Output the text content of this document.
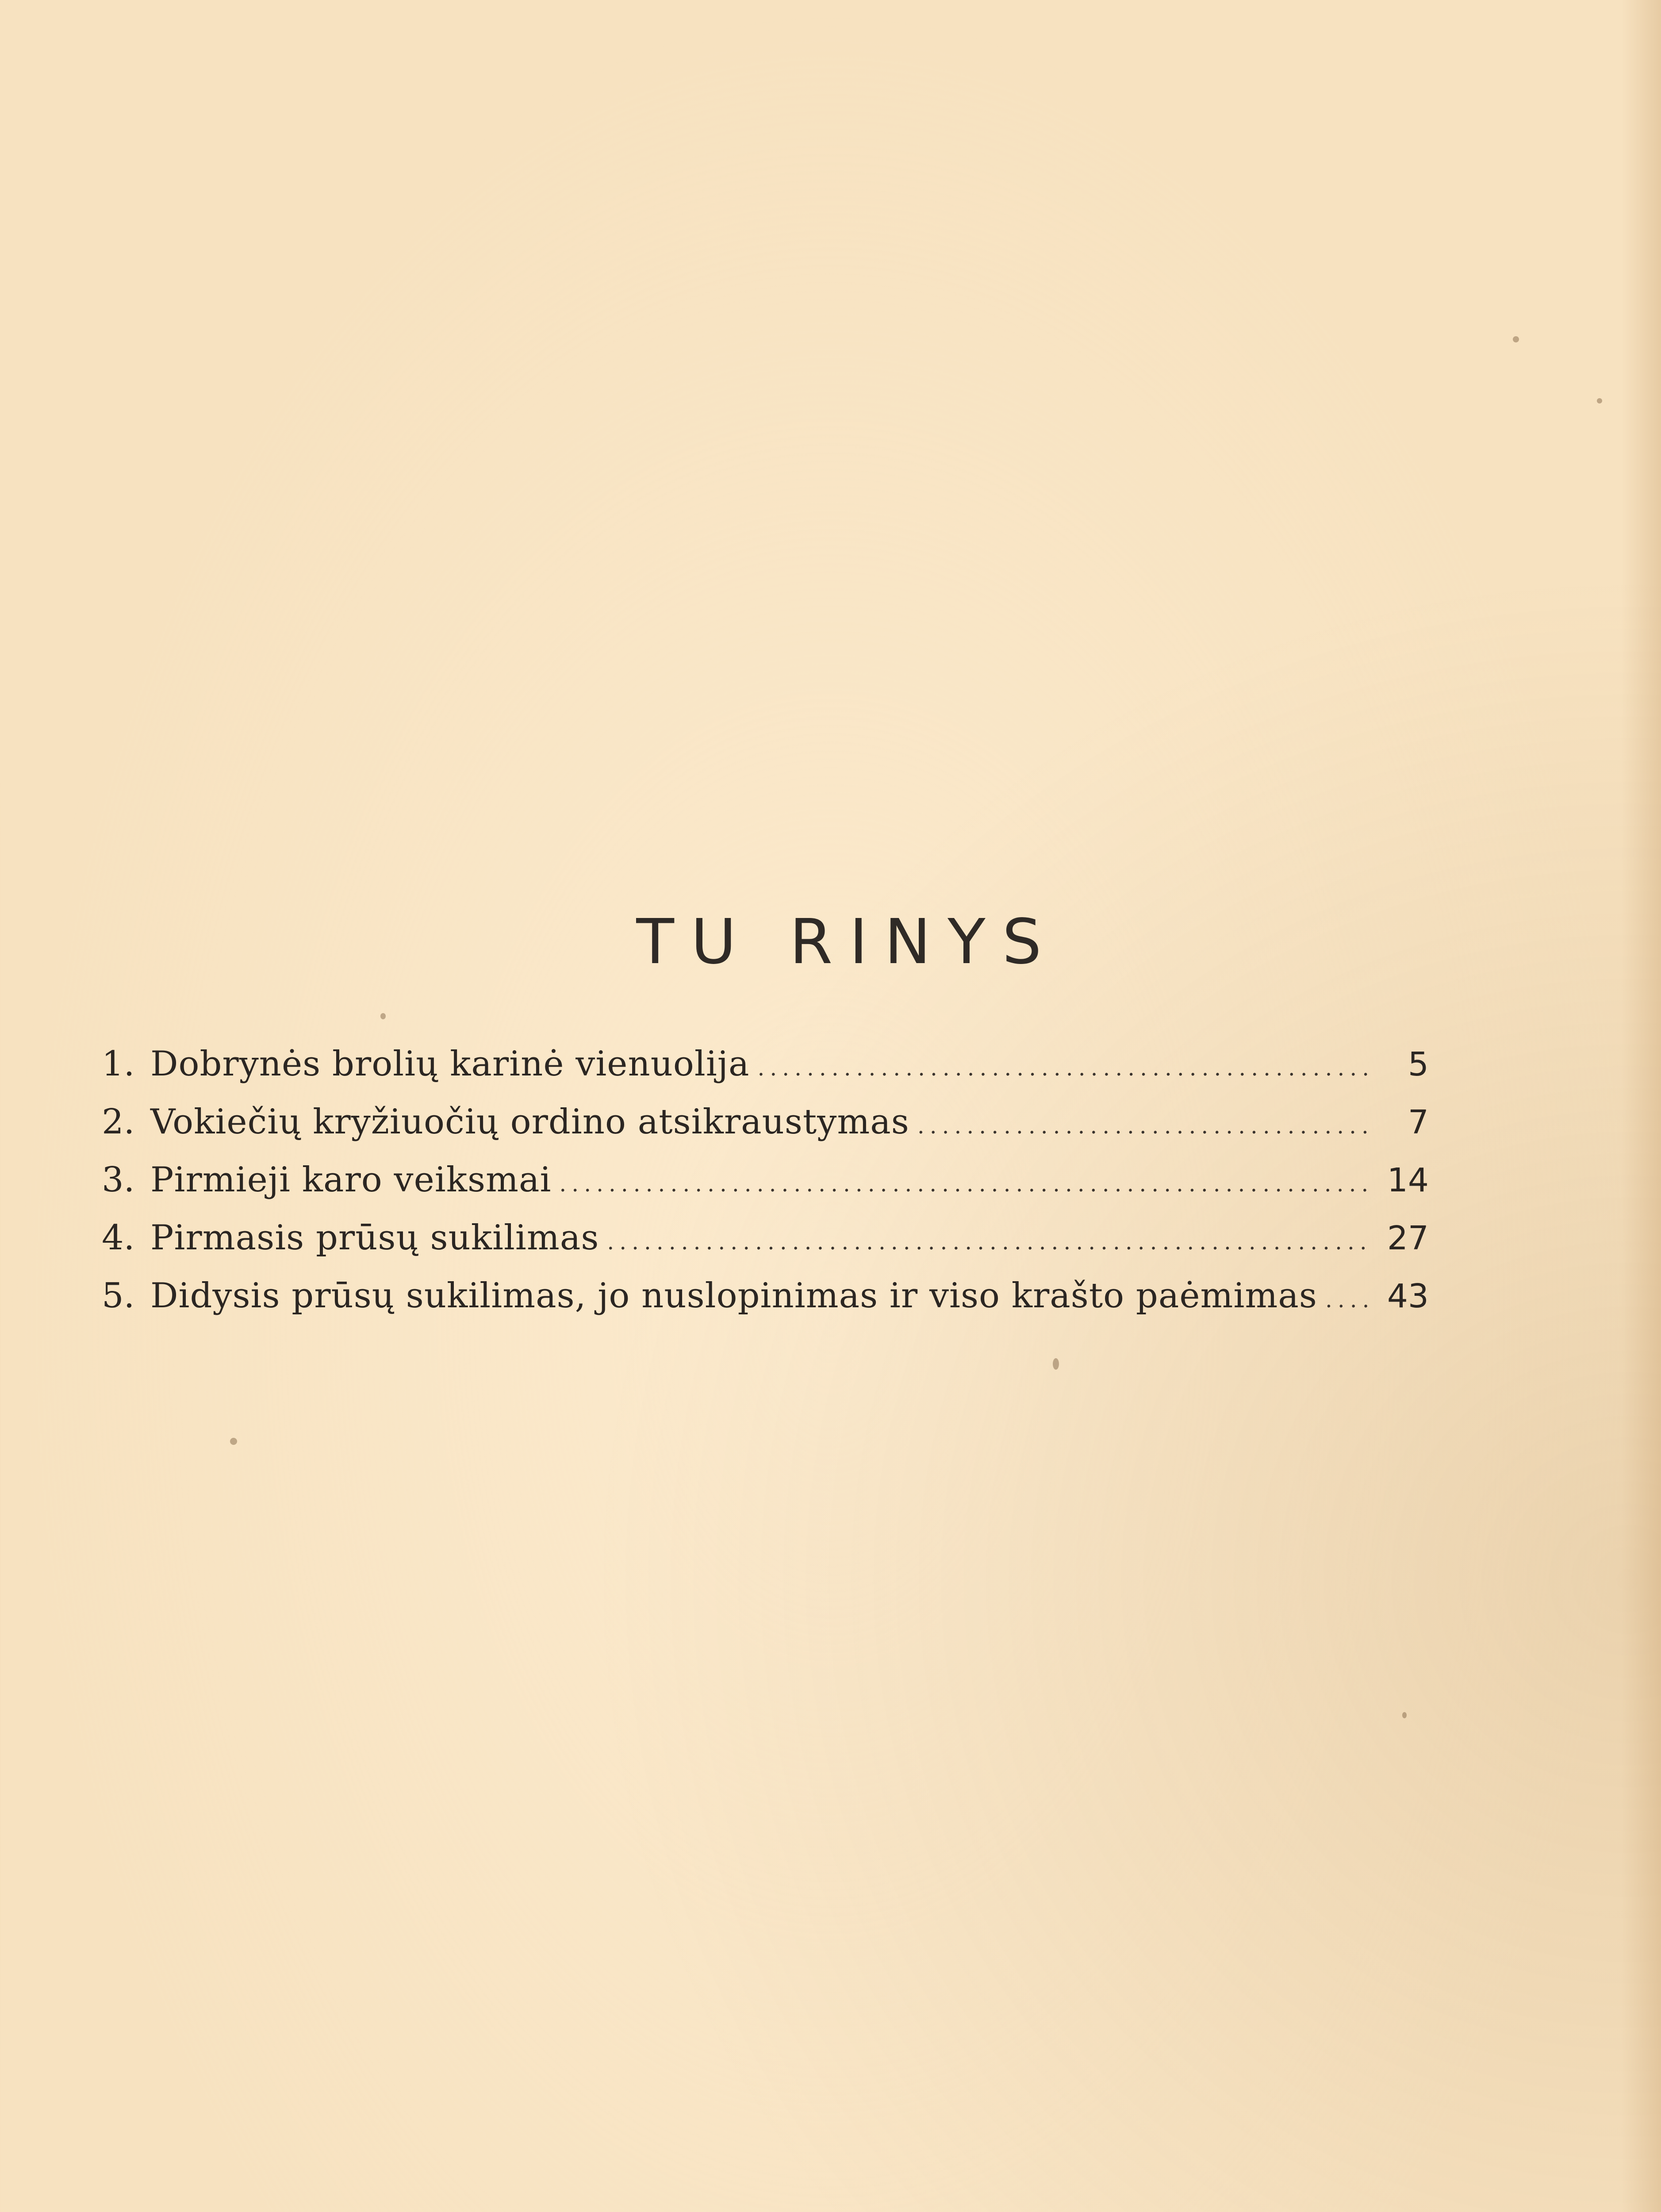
TU RINYS
1. Dobrynės brolių karinė vienuolija .....	5
2. Vokiečių kryžiuočių ordino atsikraustymas .....	7
3. Pirmieji karo veiksmai .....	14
4. Pirmasis prūsų sukilimas .....	27
5. Didysis prūsų sukilimas, jo nuslopinimas ir viso krašto paėmimas ..... 43
